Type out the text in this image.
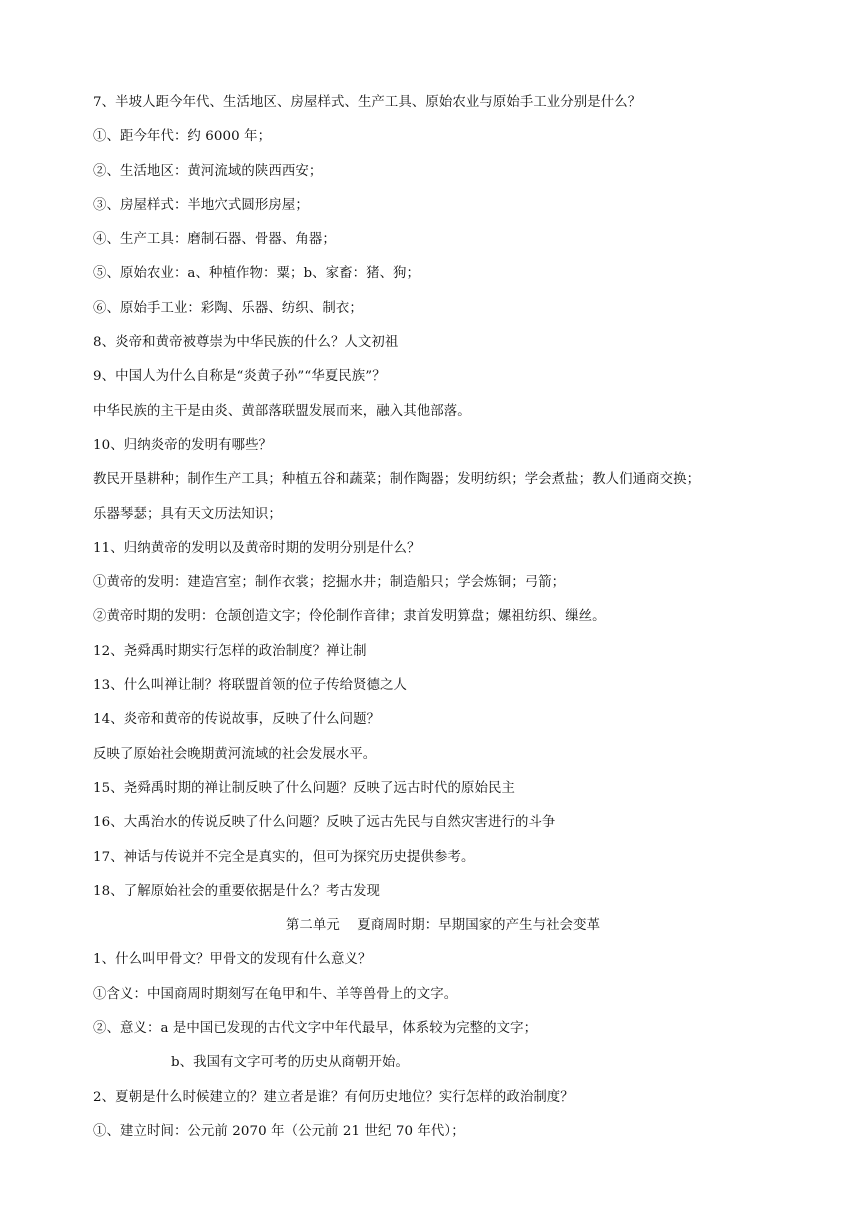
7、半坡人距今年代、生活地区、房屋样式、生产工具、原始农业与原始手工业分别是什么？
①、距今年代：约 6000 年；
②、生活地区：黄河流域的陕西西安；
③、房屋样式：半地穴式圆形房屋；
④、生产工具：磨制石器、骨器、角器；
⑤、原始农业：a、种植作物：粟；b、家畜：猪、狗；
⑥、原始手工业：彩陶、乐器、纺织、制衣；
8、炎帝和黄帝被尊崇为中华民族的什么？人文初祖
9、中国人为什么自称是“炎黄子孙”“华夏民族”？
中华民族的主干是由炎、黄部落联盟发展而来，融入其他部落。
10、归纳炎帝的发明有哪些？
教民开垦耕种；制作生产工具；种植五谷和蔬菜；制作陶器；发明纺织；学会煮盐；教人们通商交换；
乐器琴瑟；具有天文历法知识；
11、归纳黄帝的发明以及黄帝时期的发明分别是什么？
①黄帝的发明：建造宫室；制作衣裳；挖掘水井；制造船只；学会炼铜；弓箭；
②黄帝时期的发明：仓颉创造文字；伶伦制作音律；隶首发明算盘；嫘祖纺织、缫丝。
12、尧舜禹时期实行怎样的政治制度？禅让制
13、什么叫禅让制？将联盟首领的位子传给贤德之人
14、炎帝和黄帝的传说故事，反映了什么问题？
反映了原始社会晚期黄河流域的社会发展水平。
15、尧舜禹时期的禅让制反映了什么问题？反映了远古时代的原始民主
16、大禹治水的传说反映了什么问题？反映了远古先民与自然灾害进行的斗争
17、神话与传说并不完全是真实的，但可为探究历史提供参考。
18、了解原始社会的重要依据是什么？考古发现
第二单元    夏商周时期：早期国家的产生与社会变革
1、什么叫甲骨文？甲骨文的发现有什么意义？
①含义：中国商周时期刻写在龟甲和牛、羊等兽骨上的文字。
②、意义：a 是中国已发现的古代文字中年代最早，体系较为完整的文字；
b、我国有文字可考的历史从商朝开始。
2、夏朝是什么时候建立的？建立者是谁？有何历史地位？实行怎样的政治制度？
①、建立时间：公元前 2070 年（公元前 21 世纪 70 年代）；
